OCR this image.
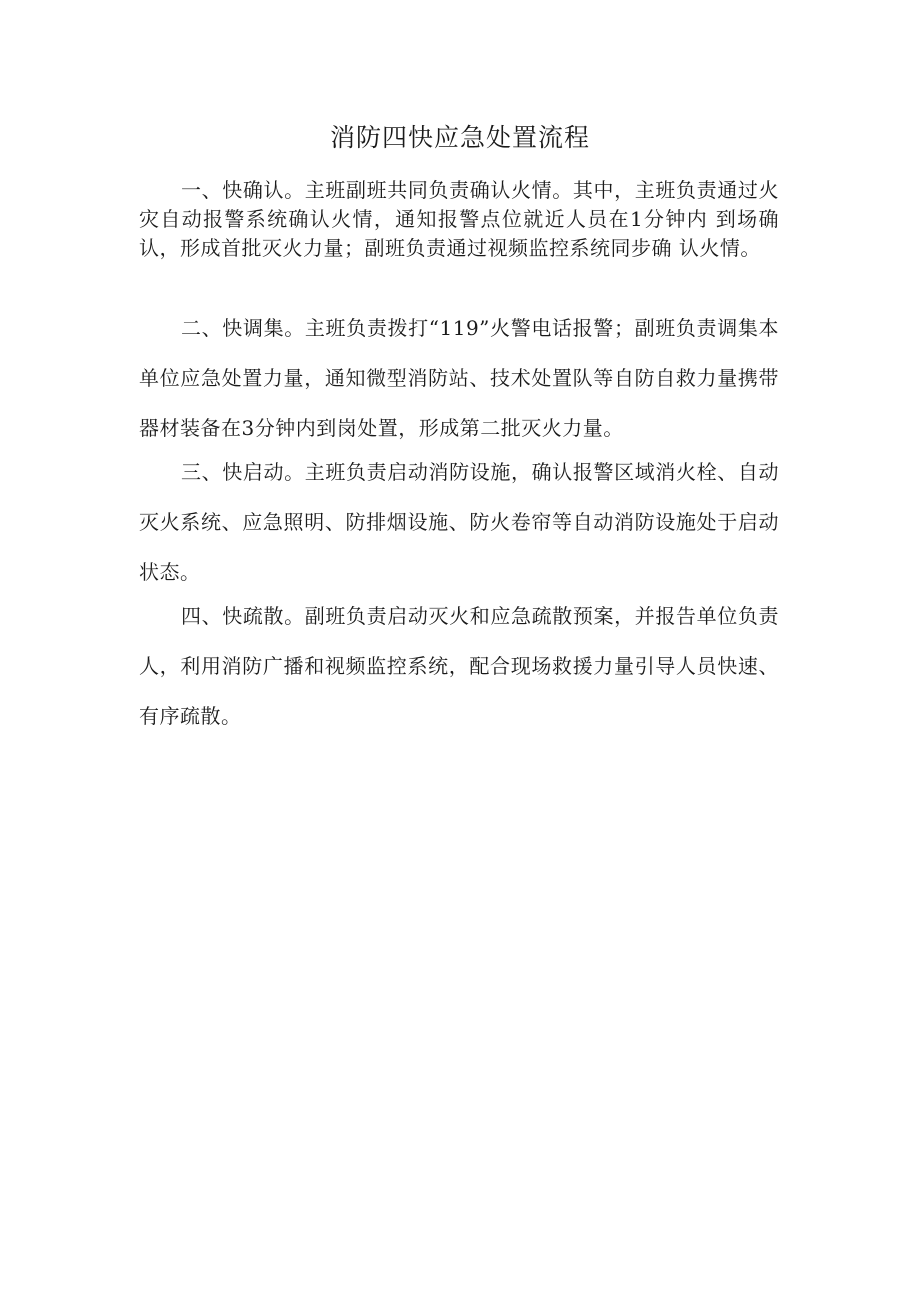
消防四快应急处置流程

一、快确认。主班副班共同负责确认火情。其中，主班负责通过火灾自动报警系统确认火情，通知报警点位就近人员在1分钟内 到场确认，形成首批灭火力量；副班负责通过视频监控系统同步确 认火情。

二、快调集。主班负责拨打“119”火警电话报警；副班负责调集本单位应急处置力量，通知微型消防站、技术处置队等自防自救力量携带器材装备在3分钟内到岗处置，形成第二批灭火力量。

三、快启动。主班负责启动消防设施，确认报警区域消火栓、自动灭火系统、应急照明、防排烟设施、防火卷帘等自动消防设施处于启动状态。

四、快疏散。副班负责启动灭火和应急疏散预案，并报告单位负责人，利用消防广播和视频监控系统，配合现场救援力量引导人员快速、有序疏散。
